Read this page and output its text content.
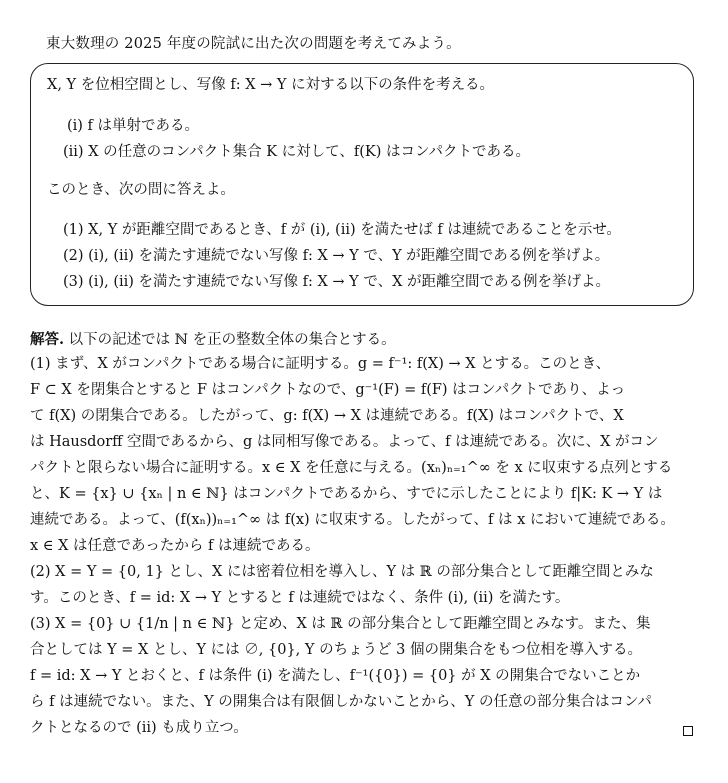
東大数理の 2025 年度の院試に出た次の問題を考えてみよう。
X, Y を位相空間とし、写像 f: X → Y に対する以下の条件を考える。
(i) f は単射である。
(ii) X の任意のコンパクト集合 K に対して、f(K) はコンパクトである。
このとき、次の問に答えよ。
(1) X, Y が距離空間であるとき、f が (i), (ii) を満たせば f は連続であることを示せ。
(2) (i), (ii) を満たす連続でない写像 f: X → Y で、Y が距離空間である例を挙げよ。
(3) (i), (ii) を満たす連続でない写像 f: X → Y で、X が距離空間である例を挙げよ。
解答. 以下の記述では ℕ を正の整数全体の集合とする。
(1) まず、X がコンパクトである場合に証明する。g = f⁻¹: f(X) → X とする。このとき、
F ⊂ X を閉集合とすると F はコンパクトなので、g⁻¹(F) = f(F) はコンパクトであり、よっ
て f(X) の閉集合である。したがって、g: f(X) → X は連続である。f(X) はコンパクトで、X
は Hausdorff 空間であるから、g は同相写像である。よって、f は連続である。次に、X がコン
パクトと限らない場合に証明する。x ∈ X を任意に与える。(xₙ)ₙ₌₁^∞ を x に収束する点列とする
と、K = {x} ∪ {xₙ | n ∈ ℕ} はコンパクトであるから、すでに示したことにより f|K: K → Y は
連続である。よって、(f(xₙ))ₙ₌₁^∞ は f(x) に収束する。したがって、f は x において連続である。
x ∈ X は任意であったから f は連続である。
(2) X = Y = {0, 1} とし、X には密着位相を導入し、Y は ℝ の部分集合として距離空間とみな
す。このとき、f = id: X → Y とすると f は連続ではなく、条件 (i), (ii) を満たす。
(3) X = {0} ∪ {1/n | n ∈ ℕ} と定め、X は ℝ の部分集合として距離空間とみなす。また、集
合としては Y = X とし、Y には ∅, {0}, Y のちょうど 3 個の開集合をもつ位相を導入する。
f = id: X → Y とおくと、f は条件 (i) を満たし、f⁻¹({0}) = {0} が X の開集合でないことか
ら f は連続でない。また、Y の開集合は有限個しかないことから、Y の任意の部分集合はコンパ
クトとなるので (ii) も成り立つ。
